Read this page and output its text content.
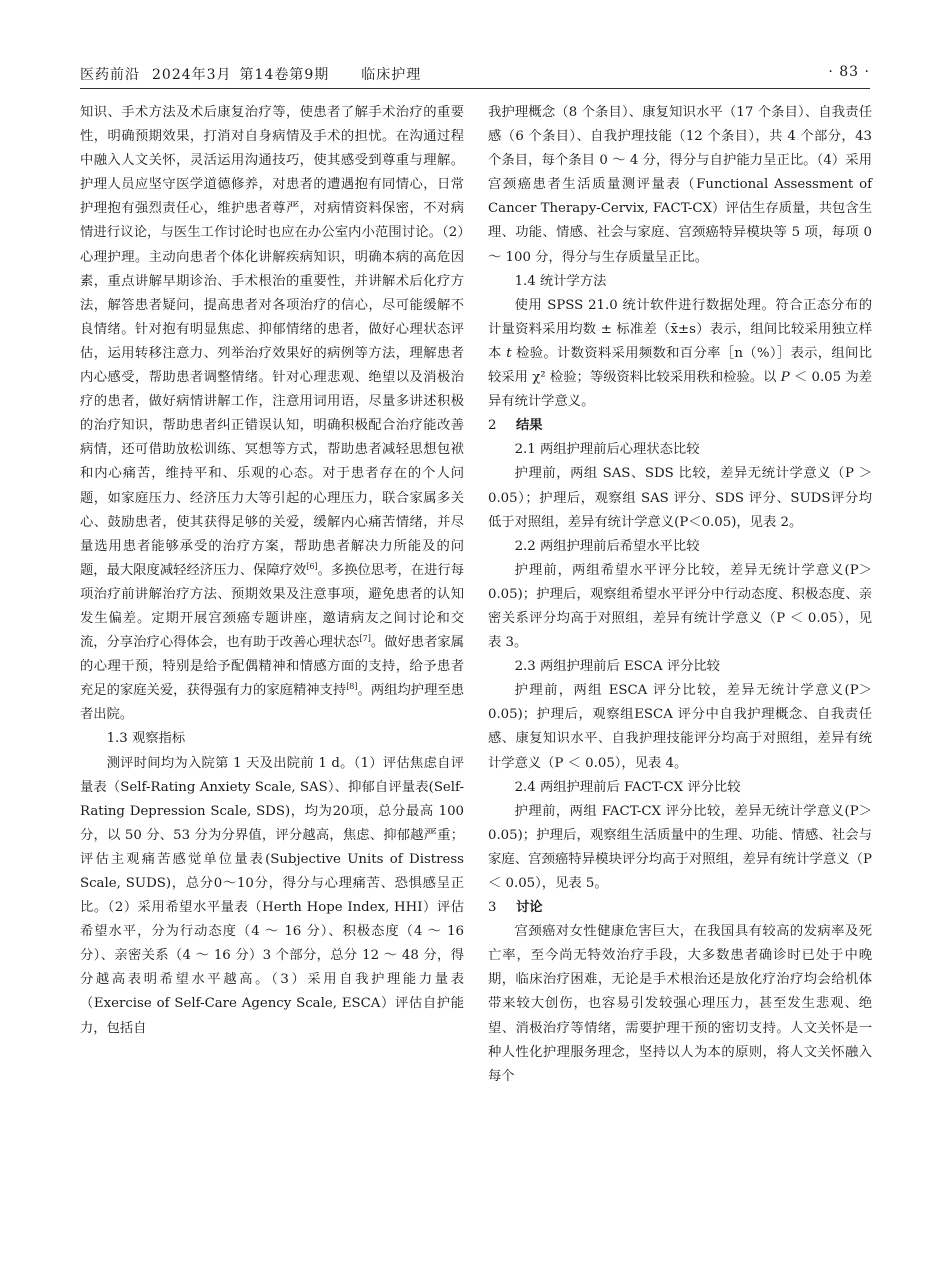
医药前沿 2024年3月 第14卷第9期 临床护理	· 83 ·

知识、手术方法及术后康复治疗等，使患者了解手术治疗的重要性，明确预期效果，打消对自身病情及手术的担忧。在沟通过程中融入人文关怀，灵活运用沟通技巧，使其感受到尊重与理解。护理人员应坚守医学道德修养，对患者的遭遇抱有同情心，日常护理抱有强烈责任心，维护患者尊严，对病情资料保密，不对病情进行议论，与医生工作讨论时也应在办公室内小范围讨论。（2）心理护理。主动向患者个体化讲解疾病知识，明确本病的高危因素，重点讲解早期诊治、手术根治的重要性，并讲解术后化疗方法，解答患者疑问，提高患者对各项治疗的信心，尽可能缓解不良情绪。针对抱有明显焦虑、抑郁情绪的患者，做好心理状态评估，运用转移注意力、列举治疗效果好的病例等方法，理解患者内心感受，帮助患者调整情绪。针对心理悲观、绝望以及消极治疗的患者，做好病情讲解工作，注意用词用语，尽量多讲述积极的治疗知识，帮助患者纠正错误认知，明确积极配合治疗能改善病情，还可借助放松训练、冥想等方式，帮助患者减轻思想包袱和内心痛苦，维持平和、乐观的心态。对于患者存在的个人问题，如家庭压力、经济压力大等引起的心理压力，联合家属多关心、鼓励患者，使其获得足够的关爱，缓解内心痛苦情绪，并尽量选用患者能够承受的治疗方案，帮助患者解决力所能及的问题，最大限度减轻经济压力、保障疗效[6]。多换位思考，在进行每项治疗前讲解治疗方法、预期效果及注意事项，避免患者的认知发生偏差。定期开展宫颈癌专题讲座，邀请病友之间讨论和交流，分享治疗心得体会，也有助于改善心理状态[7]。做好患者家属的心理干预，特别是给予配偶精神和情感方面的支持，给予患者充足的家庭关爱，获得强有力的家庭精神支持[8]。两组均护理至患者出院。

1.3 观察指标

测评时间均为入院第 1 天及出院前 1 d。（1）评估焦虑自评量表（Self-Rating Anxiety Scale, SAS）、抑郁自评量表(Self-Rating Depression Scale, SDS)，均为20项，总分最高 100 分，以 50 分、53 分为分界值，评分越高，焦虑、抑郁越严重；评估主观痛苦感觉单位量表(Subjective Units of Distress Scale, SUDS)，总分0～10分，得分与心理痛苦、恐惧感呈正比。（2）采用希望水平量表（Herth Hope Index, HHI）评估希望水平，分为行动态度（4 ～ 16 分）、积极态度（4 ～ 16 分）、亲密关系（4 ～ 16 分）3 个部分，总分 12 ～ 48 分，得分越高表明希望水平越高。（3）采用自我护理能力量表（Exercise of Self-Care Agency Scale, ESCA）评估自护能力，包括自

我护理概念（8 个条目）、康复知识水平（17 个条目）、自我责任感（6 个条目）、自我护理技能（12 个条目），共 4 个部分，43 个条目，每个条目 0 ～ 4 分，得分与自护能力呈正比。（4）采用宫颈癌患者生活质量测评量表（Functional Assessment of Cancer Therapy-Cervix, FACT-CX）评估生存质量，共包含生理、功能、情感、社会与家庭、宫颈癌特异模块等 5 项，每项 0 ～ 100 分，得分与生存质量呈正比。

1.4 统计学方法

使用 SPSS 21.0 统计软件进行数据处理。符合正态分布的计量资料采用均数 ± 标准差（x̄±s）表示，组间比较采用独立样本 t 检验。计数资料采用频数和百分率［n（%）］表示，组间比较采用 χ² 检验；等级资料比较采用秩和检验。以 P ＜ 0.05 为差异有统计学意义。

2 结果
2.1 两组护理前后心理状态比较

护理前，两组 SAS、SDS 比较，差异无统计学意义（P ＞ 0.05）；护理后，观察组 SAS 评分、SDS 评分、SUDS评分均低于对照组，差异有统计学意义(P＜0.05)，见表 2。

2.2 两组护理前后希望水平比较

护理前，两组希望水平评分比较，差异无统计学意义(P＞0.05)；护理后，观察组希望水平评分中行动态度、积极态度、亲密关系评分均高于对照组，差异有统计学意义（P ＜ 0.05），见表 3。

2.3 两组护理前后 ESCA 评分比较

护理前，两组 ESCA 评分比较，差异无统计学意义(P＞0.05)；护理后，观察组ESCA 评分中自我护理概念、自我责任感、康复知识水平、自我护理技能评分均高于对照组，差异有统计学意义（P ＜ 0.05），见表 4。

2.4 两组护理前后 FACT-CX 评分比较

护理前，两组 FACT-CX 评分比较，差异无统计学意义(P＞0.05)；护理后，观察组生活质量中的生理、功能、情感、社会与家庭、宫颈癌特异模块评分均高于对照组，差异有统计学意义（P ＜ 0.05），见表 5。

3 讨论

宫颈癌对女性健康危害巨大，在我国具有较高的发病率及死亡率，至今尚无特效治疗手段，大多数患者确诊时已处于中晚期，临床治疗困难，无论是手术根治还是放化疗治疗均会给机体带来较大创伤，也容易引发较强心理压力，甚至发生悲观、绝望、消极治疗等情绪，需要护理干预的密切支持。人文关怀是一种人性化护理服务理念，坚持以人为本的原则，将人文关怀融入每个
